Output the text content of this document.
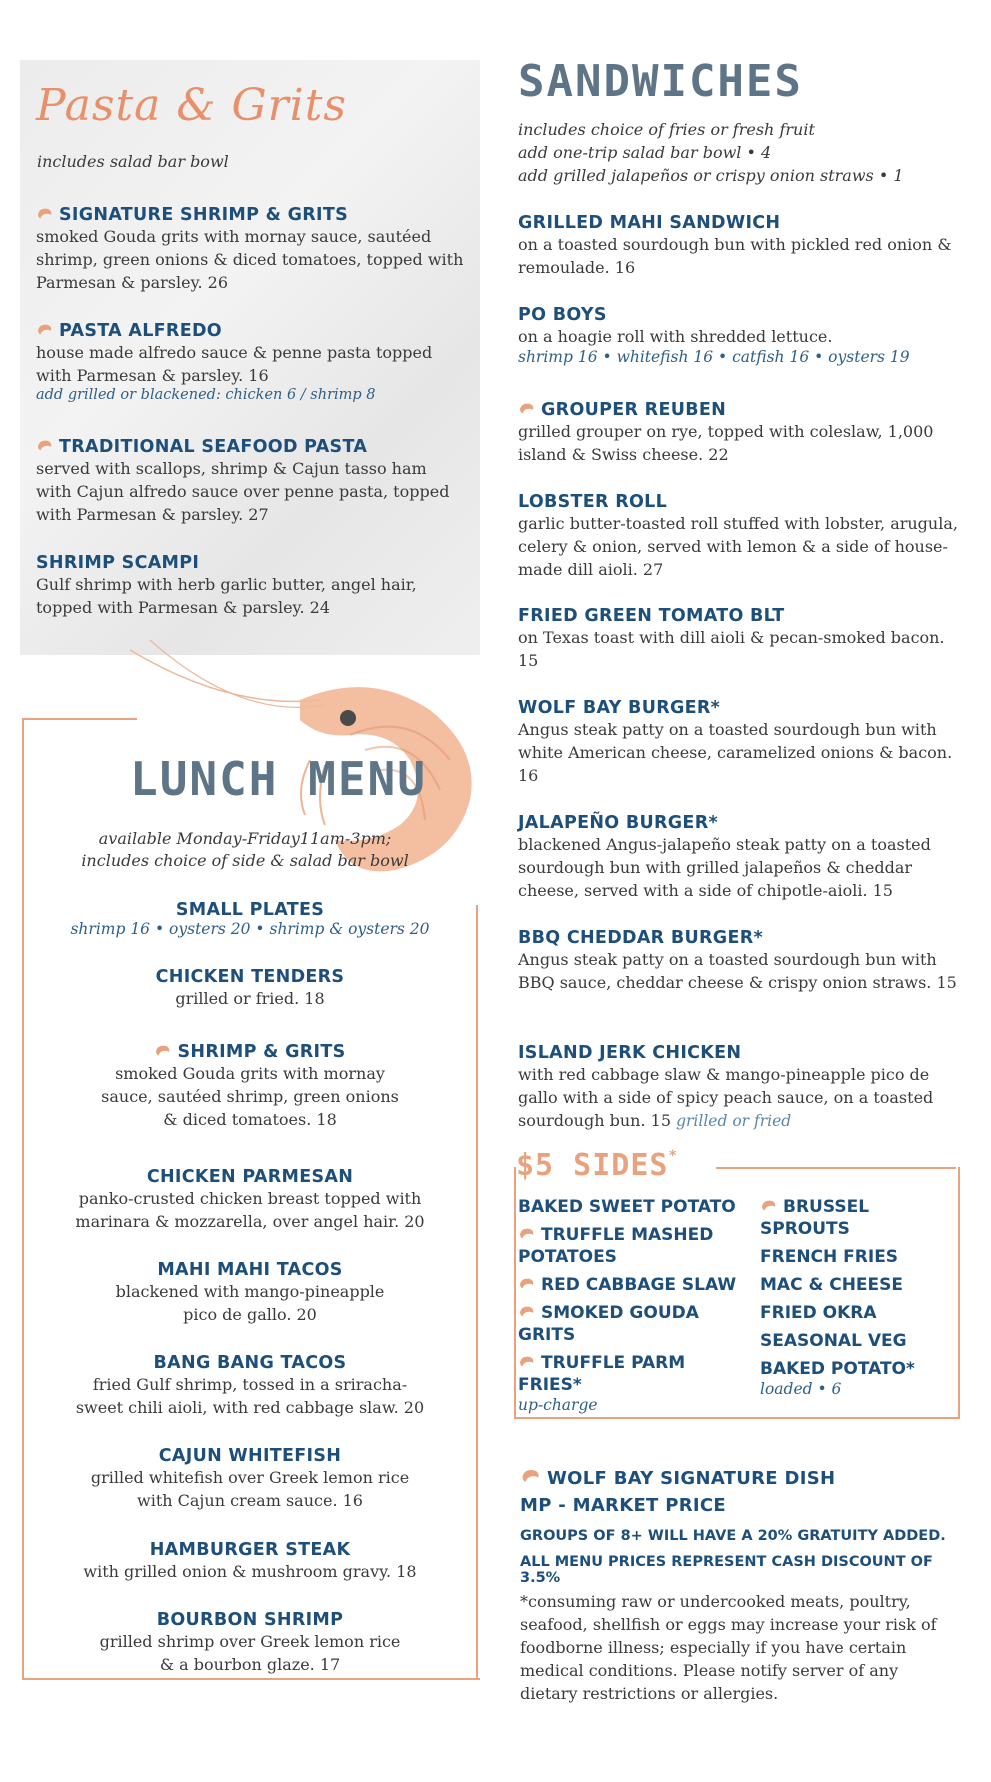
Pasta & Grits
includes salad bar bowl

SIGNATURE SHRIMP & GRITS

smoked Gouda grits with mornay sauce, sautéed shrimp, green onions & diced tomatoes, topped with Parmesan & parsley. 26

PASTA ALFREDO

house made alfredo sauce & penne pasta topped with Parmesan & parsley. 16

add grilled or blackened: chicken 6 / shrimp 8

TRADITIONAL SEAFOOD PASTA

served with scallops, shrimp & Cajun tasso ham with Cajun alfredo sauce over penne pasta, topped with Parmesan & parsley. 27

SHRIMP SCAMPI

Gulf shrimp with herb garlic butter, angel hair, topped with Parmesan & parsley. 24

LUNCH MENU
available Monday-Friday11am-3pm;
includes choice of side & salad bar bowl

SMALL PLATES

shrimp 16 • oysters 20 • shrimp & oysters 20

CHICKEN TENDERS

grilled or fried. 18

SHRIMP & GRITS

smoked Gouda grits with mornay

sauce, sautéed shrimp, green onions

& diced tomatoes. 18

CHICKEN PARMESAN

panko-crusted chicken breast topped with

marinara & mozzarella, over angel hair. 20

MAHI MAHI TACOS

blackened with mango-pineapple

pico de gallo. 20

BANG BANG TACOS

fried Gulf shrimp, tossed in a sriracha-

sweet chili aioli, with red cabbage slaw. 20

CAJUN WHITEFISH

grilled whitefish over Greek lemon rice

with Cajun cream sauce. 16

HAMBURGER STEAK

with grilled onion & mushroom gravy. 18

BOURBON SHRIMP

grilled shrimp over Greek lemon rice

& a bourbon glaze. 17

SANDWICHES
includes choice of fries or fresh fruit
add one-trip salad bar bowl • 4
add grilled jalapeños or crispy onion straws • 1

GRILLED MAHI SANDWICH

on a toasted sourdough bun with pickled red onion & remoulade. 16

PO BOYS

on a hoagie roll with shredded lettuce.

shrimp 16 • whitefish 16 • catfish 16 • oysters 19

GROUPER REUBEN

grilled grouper on rye, topped with coleslaw, 1,000 island & Swiss cheese. 22

LOBSTER ROLL

garlic butter-toasted roll stuffed with lobster, arugula, celery & onion, served with lemon & a side of house-made dill aioli. 27

FRIED GREEN TOMATO BLT

on Texas toast with dill aioli & pecan-smoked bacon. 15

WOLF BAY BURGER*

Angus steak patty on a toasted sourdough bun with white American cheese, caramelized onions & bacon. 16

JALAPEÑO BURGER*

blackened Angus-jalapeño steak patty on a toasted sourdough bun with grilled jalapeños & cheddar cheese, served with a side of chipotle-aioli. 15

BBQ CHEDDAR BURGER*

Angus steak patty on a toasted sourdough bun with BBQ sauce, cheddar cheese & crispy onion straws. 15

ISLAND JERK CHICKEN

with red cabbage slaw & mango-pineapple pico de gallo with a side of spicy peach sauce, on a toasted sourdough bun. 15 grilled or fried

$5 SIDES*

BAKED SWEET POTATO

TRUFFLE MASHED POTATOES

RED CABBAGE SLAW

SMOKED GOUDA GRITS

TRUFFLE PARM FRIES*

up-charge

BRUSSEL SPROUTS

FRENCH FRIES

MAC & CHEESE

FRIED OKRA

SEASONAL VEG

BAKED POTATO*

loaded • 6

WOLF BAY SIGNATURE DISH

MP - MARKET PRICE

GROUPS OF 8+ WILL HAVE A 20% GRATUITY ADDED.

ALL MENU PRICES REPRESENT CASH DISCOUNT OF 3.5%

*consuming raw or undercooked meats, poultry, seafood, shellfish or eggs may increase your risk of foodborne illness; especially if you have certain medical conditions. Please notify server of any dietary restrictions or allergies.
